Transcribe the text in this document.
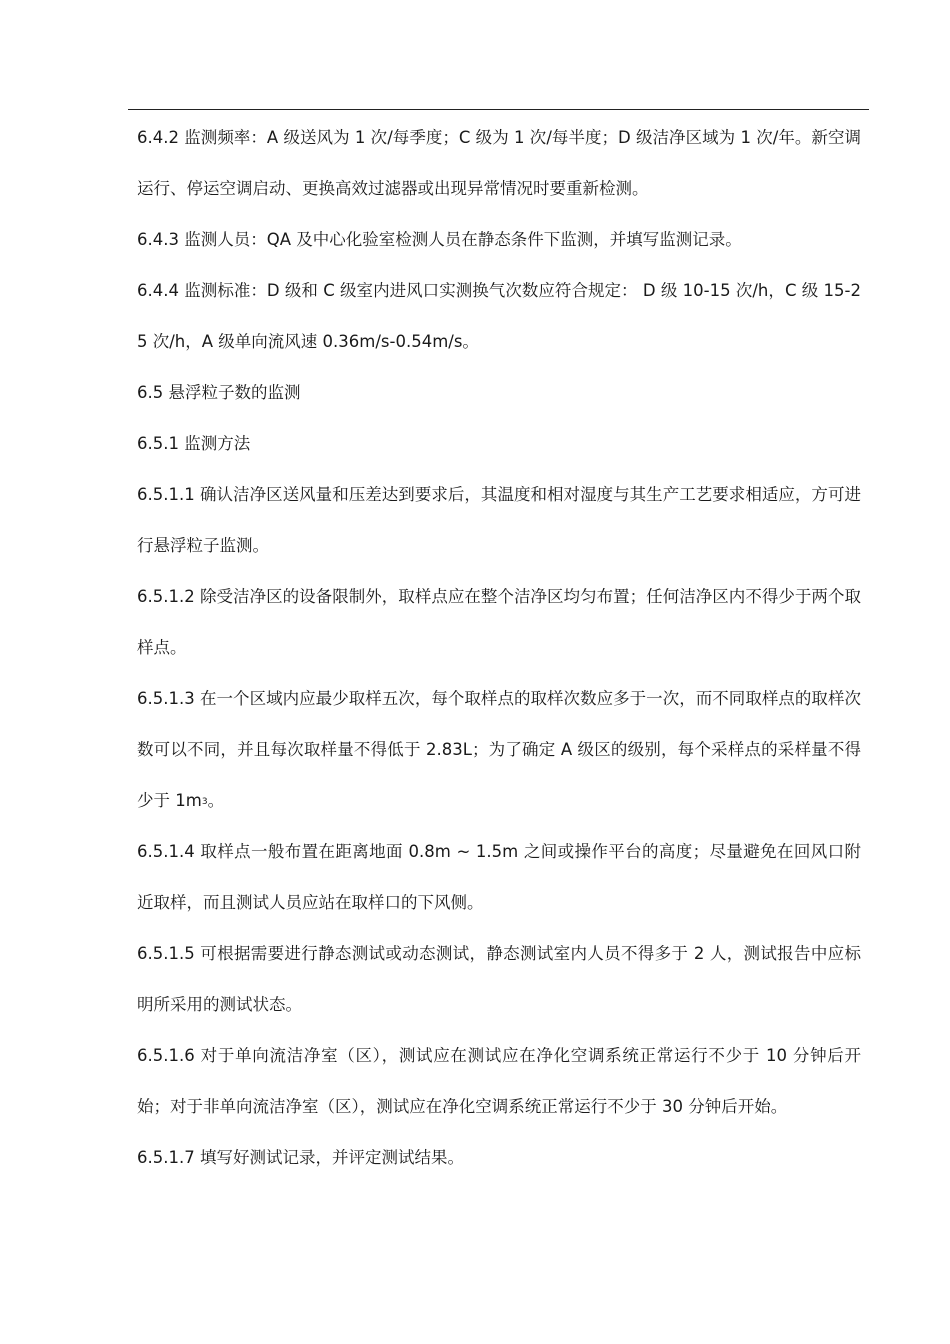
6.4.2 监测频率：A 级送风为 1 次/每季度；C 级为 1 次/每半度；D 级洁净区域为 1 次/年。新空调运行、停运空调启动、更换高效过滤器或出现异常情况时要重新检测。

6.4.3 监测人员：QA 及中心化验室检测人员在静态条件下监测，并填写监测记录。

6.4.4 监测标准：D 级和 C 级室内进风口实测换气次数应符合规定： D 级 10-15 次/h，C 级 15-25 次/h，A 级单向流风速 0.36m/s-0.54m/s。

6.5 悬浮粒子数的监测

6.5.1 监测方法

6.5.1.1 确认洁净区送风量和压差达到要求后，其温度和相对湿度与其生产工艺要求相适应，方可进行悬浮粒子监测。

6.5.1.2 除受洁净区的设备限制外，取样点应在整个洁净区均匀布置；任何洁净区内不得少于两个取样点。

6.5.1.3 在一个区域内应最少取样五次，每个取样点的取样次数应多于一次，而不同取样点的取样次数可以不同，并且每次取样量不得低于 2.83L；为了确定 A 级区的级别，每个采样点的采样量不得少于 1m3。

6.5.1.4 取样点一般布置在距离地面 0.8m ~ 1.5m 之间或操作平台的高度；尽量避免在回风口附近取样，而且测试人员应站在取样口的下风侧。

6.5.1.5 可根据需要进行静态测试或动态测试，静态测试室内人员不得多于 2 人，测试报告中应标明所采用的测试状态。

6.5.1.6 对于单向流洁净室（区），测试应在测试应在净化空调系统正常运行不少于 10 分钟后开始；对于非单向流洁净室（区），测试应在净化空调系统正常运行不少于 30 分钟后开始。

6.5.1.7 填写好测试记录，并评定测试结果。
